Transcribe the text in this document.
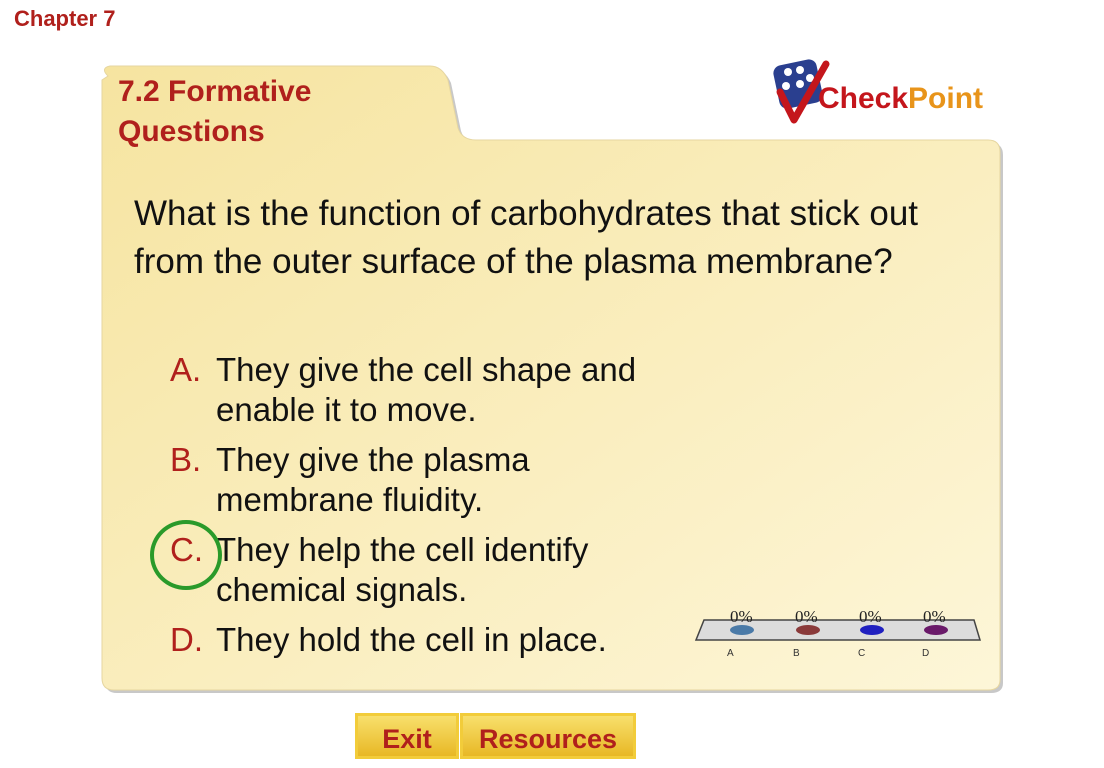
Chapter 7
7.2 Formative Questions
CheckPoint
What is the function of carbohydrates that stick out from the outer surface of the plasma membrane?
A. They give the cell shape and enable it to move.
B. They give the plasma membrane fluidity.
C. They help the cell identify chemical signals.
D. They hold the cell in place.
0% 0% 0% 0%
A	B	C	D
Exit	Resources
